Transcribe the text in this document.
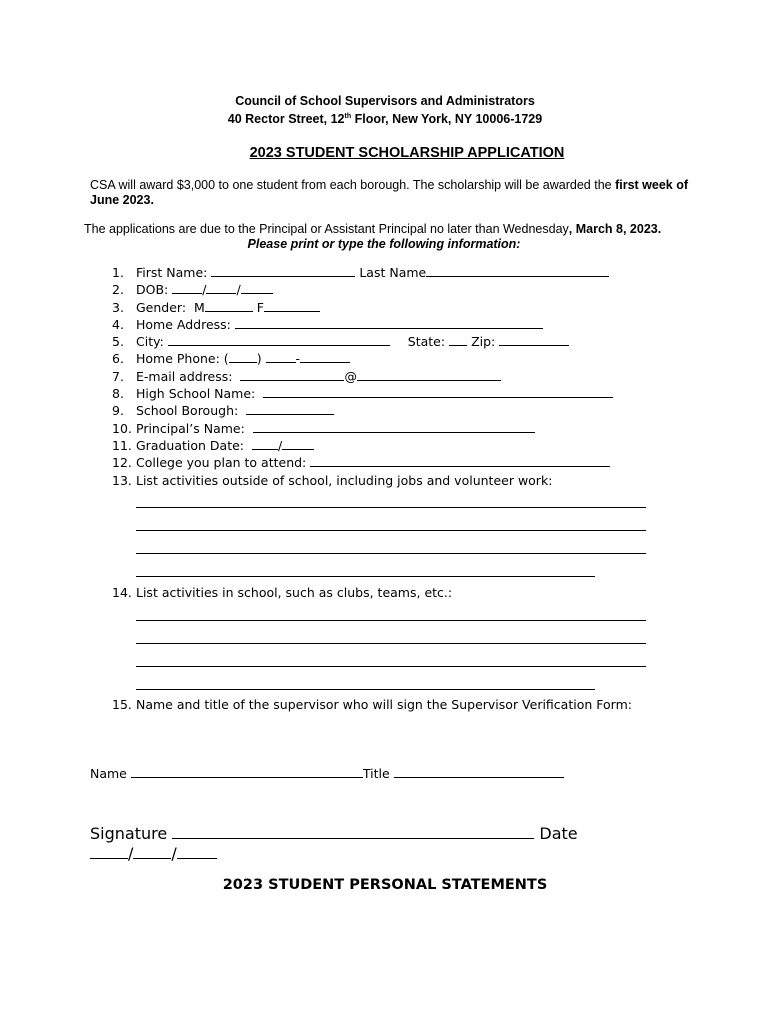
Council of School Supervisors and Administrators
40 Rector Street, 12th Floor, New York, NY 10006-1729
2023 STUDENT SCHOLARSHIP APPLICATION
CSA will award $3,000 to one student from each borough. The scholarship will be awarded the first week of June 2023.
The applications are due to the Principal or Assistant Principal no later than Wednesday, March 8, 2023.
Please print or type the following information:
1. First Name:	Last Name
2. DOB:	/ /
3. Gender: M	F
4. Home Address:
5. City:	State: Zip:
6. Home Phone: ( ) -
7. E-mail address:	@
8. High School Name:
9. School Borough:
10. Principal’s Name:
11. Graduation Date:	/
12. College you plan to attend:
13. List activities outside of school, including jobs and volunteer work:
14. List activities in school, such as clubs, teams, etc.:
15. Name and title of the supervisor who will sign the Supervisor Verification Form:
Name	Title
Signature	Date
/ /
2023 STUDENT PERSONAL STATEMENTS
